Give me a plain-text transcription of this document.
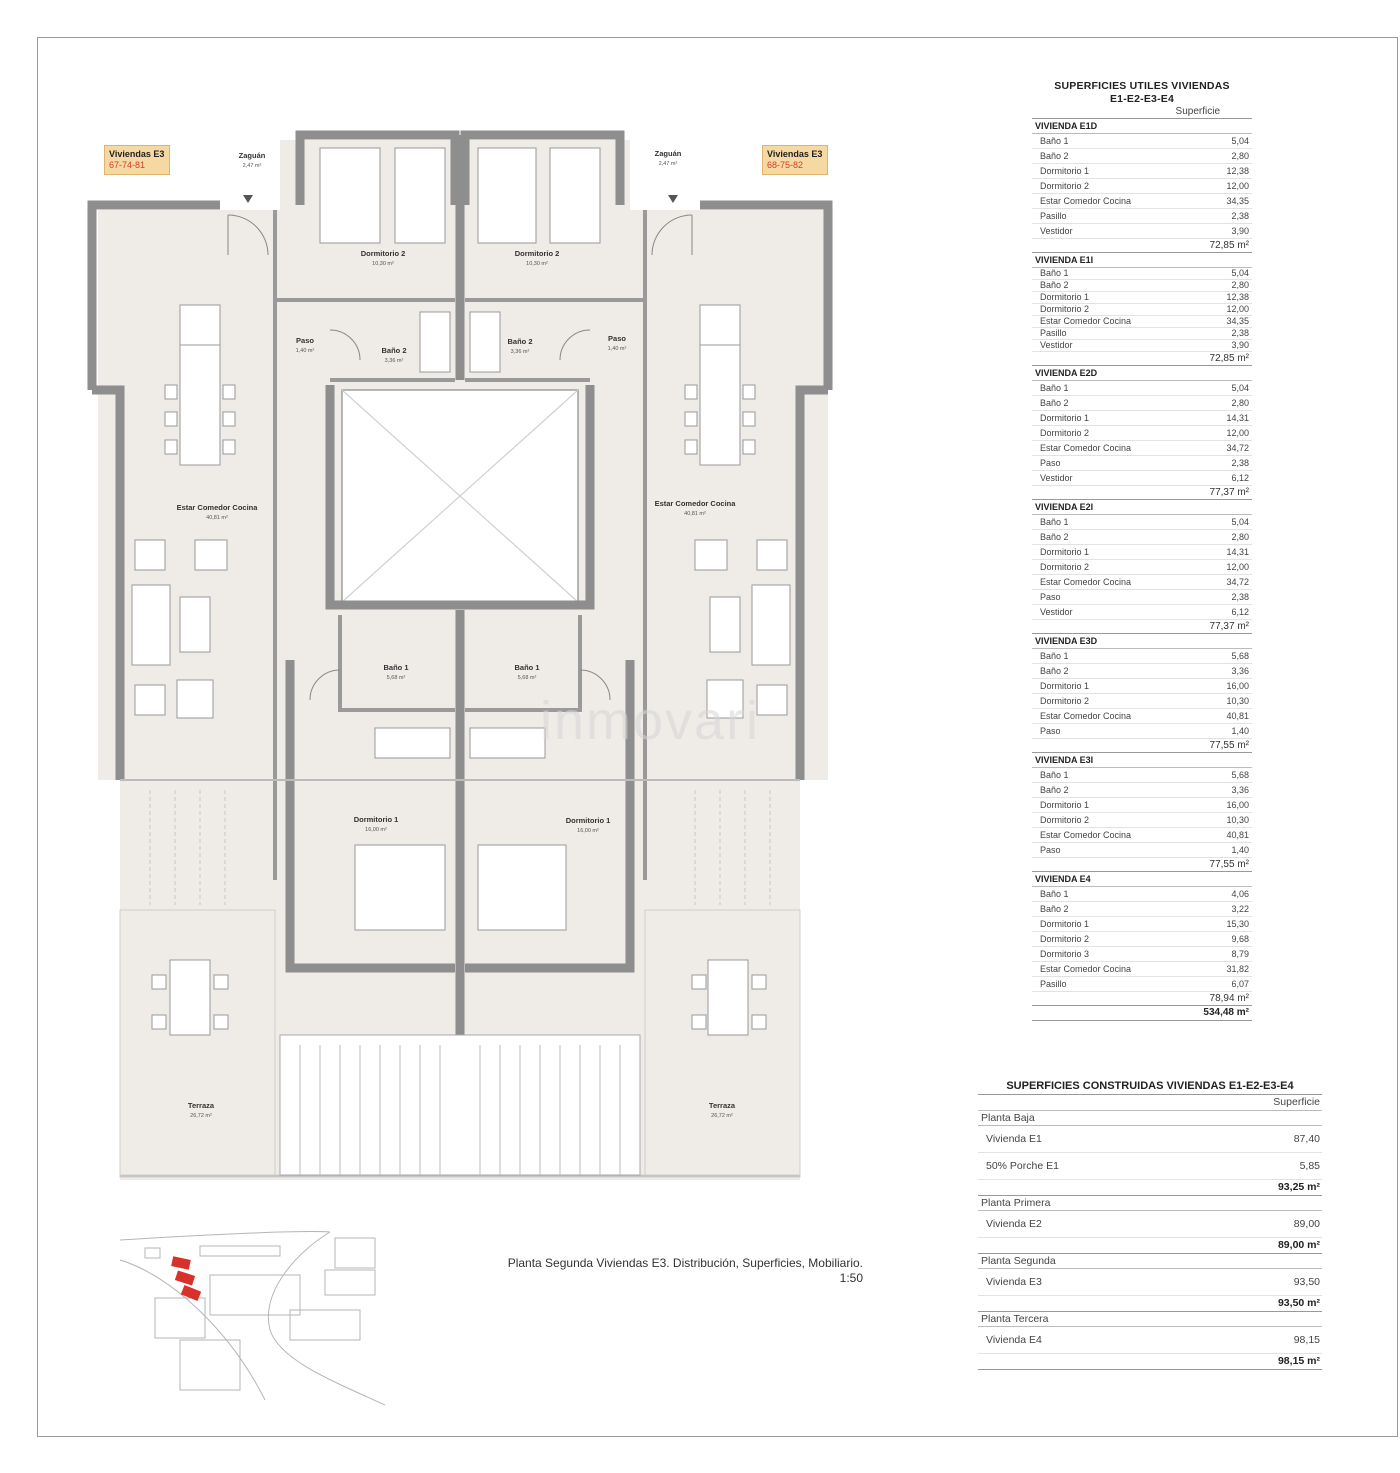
Zaguán
2,47 m²
Zaguán
2,47 m²
Dormitorio 2
10,30 m²
Dormitorio 2
10,30 m²
Paso
1,40 m²
Paso
1,40 m²
Baño 2
3,36 m²
Baño 2
3,36 m²
Estar Comedor Cocina
40,81 m²
Estar Comedor Cocina
40,81 m²
Baño 1
5,68 m²
Baño 1
5,68 m²
Dormitorio 1
16,00 m²
Dormitorio 1
16,00 m²
Terraza
26,72 m²
Terraza
26,72 m²
Viviendas E3
67-74-81
Viviendas E3
68-75-82
inmovari
Planta Segunda Viviendas E3. Distribución, Superficies, Mobiliario.
1:50
SUPERFICIES UTILES VIVIENDAS
E1-E2-E3-E4
Superficie
VIVIENDA E1D
Baño 1	5,04
Baño 2	2,80
Dormitorio 1	12,38
Dormitorio 2	12,00
Estar Comedor Cocina	34,35
Pasillo	2,38
Vestidor	3,90
72,85 m²
VIVIENDA E1I
Baño 1	5,04
Baño 2	2,80
Dormitorio 1	12,38
Dormitorio 2	12,00
Estar Comedor Cocina	34,35
Pasillo	2,38
Vestidor	3,90
72,85 m²
VIVIENDA E2D
Baño 1	5,04
Baño 2	2,80
Dormitorio 1	14,31
Dormitorio 2	12,00
Estar Comedor Cocina	34,72
Paso	2,38
Vestidor	6,12
77,37 m²
VIVIENDA E2I
Baño 1	5,04
Baño 2	2,80
Dormitorio 1	14,31
Dormitorio 2	12,00
Estar Comedor Cocina	34,72
Paso	2,38
Vestidor	6,12
77,37 m²
VIVIENDA E3D
Baño 1	5,68
Baño 2	3,36
Dormitorio 1	16,00
Dormitorio 2	10,30
Estar Comedor Cocina	40,81
Paso	1,40
77,55 m²
VIVIENDA E3I
Baño 1	5,68
Baño 2	3,36
Dormitorio 1	16,00
Dormitorio 2	10,30
Estar Comedor Cocina	40,81
Paso	1,40
77,55 m²
VIVIENDA E4
Baño 1	4,06
Baño 2	3,22
Dormitorio 1	15,30
Dormitorio 2	9,68
Dormitorio 3	8,79
Estar Comedor Cocina	31,82
Pasillo	6,07
78,94 m²
534,48 m²
SUPERFICIES CONSTRUIDAS VIVIENDAS E1-E2-E3-E4
Superficie
Planta Baja
Vivienda E1	87,40
50% Porche E1	5,85
93,25 m²
Planta Primera
Vivienda E2	89,00
89,00 m²
Planta Segunda
Vivienda E3	93,50
93,50 m²
Planta Tercera
Vivienda E4	98,15
98,15 m²
